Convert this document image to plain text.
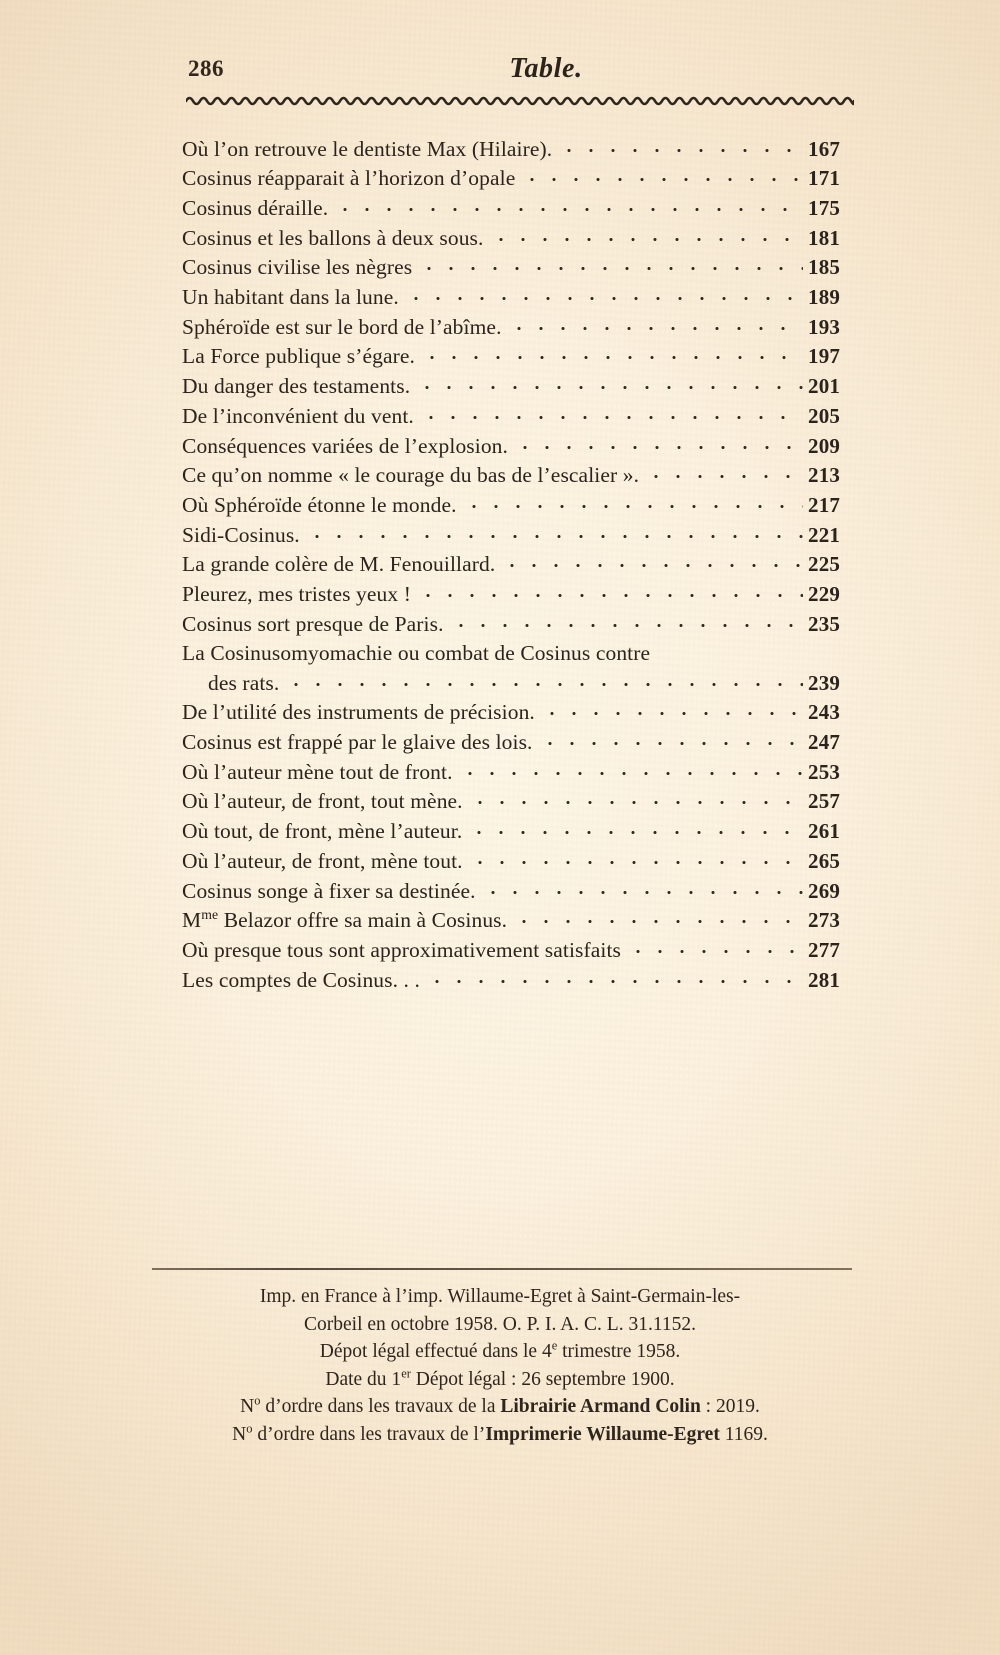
286	Table.
Où l’on retrouve le dentiste Max (Hilaire).	167
Cosinus réapparait à l’horizon d’opale	171
Cosinus déraille.	175
Cosinus et les ballons à deux sous.	181
Cosinus civilise les nègres	185
Un habitant dans la lune.	189
Sphéroïde est sur le bord de l’abîme.	193
La Force publique s’égare.	197
Du danger des testaments.	201
De l’inconvénient du vent.	205
Conséquences variées de l’explosion.	209
Ce qu’on nomme « le courage du bas de l’escalier ».	213
Où Sphéroïde étonne le monde.	217
Sidi-Cosinus.	221
La grande colère de M. Fenouillard.	225
Pleurez, mes tristes yeux !	229
Cosinus sort presque de Paris.	235
La Cosinusomyomachie ou combat de Cosinus contre
des rats.	239
De l’utilité des instruments de précision.	243
Cosinus est frappé par le glaive des lois.	247
Où l’auteur mène tout de front.	253
Où l’auteur, de front, tout mène.	257
Où tout, de front, mène l’auteur.	261
Où l’auteur, de front, mène tout.	265
Cosinus songe à fixer sa destinée.	269
$M^{me}$ Belazor offre sa main à Cosinus.	273
Où presque tous sont approximativement satisfaits	277
Les comptes de Cosinus. . .	281
Imp. en France à l’imp. Willaume-Egret à Saint-Germain-les-
Corbeil en octobre 1958. O. P. I. A. C. L. 31.1152.
Dépot légal effectué dans le 4e trimestre 1958.
Date du 1er Dépot légal : 26 septembre 1900.
$N^o$ d’ordre dans les travaux de la Librairie Armand Colin : 2019.
$N^o$ d’ordre dans les travaux de l’Imprimerie Willaume-Egret 1169.
